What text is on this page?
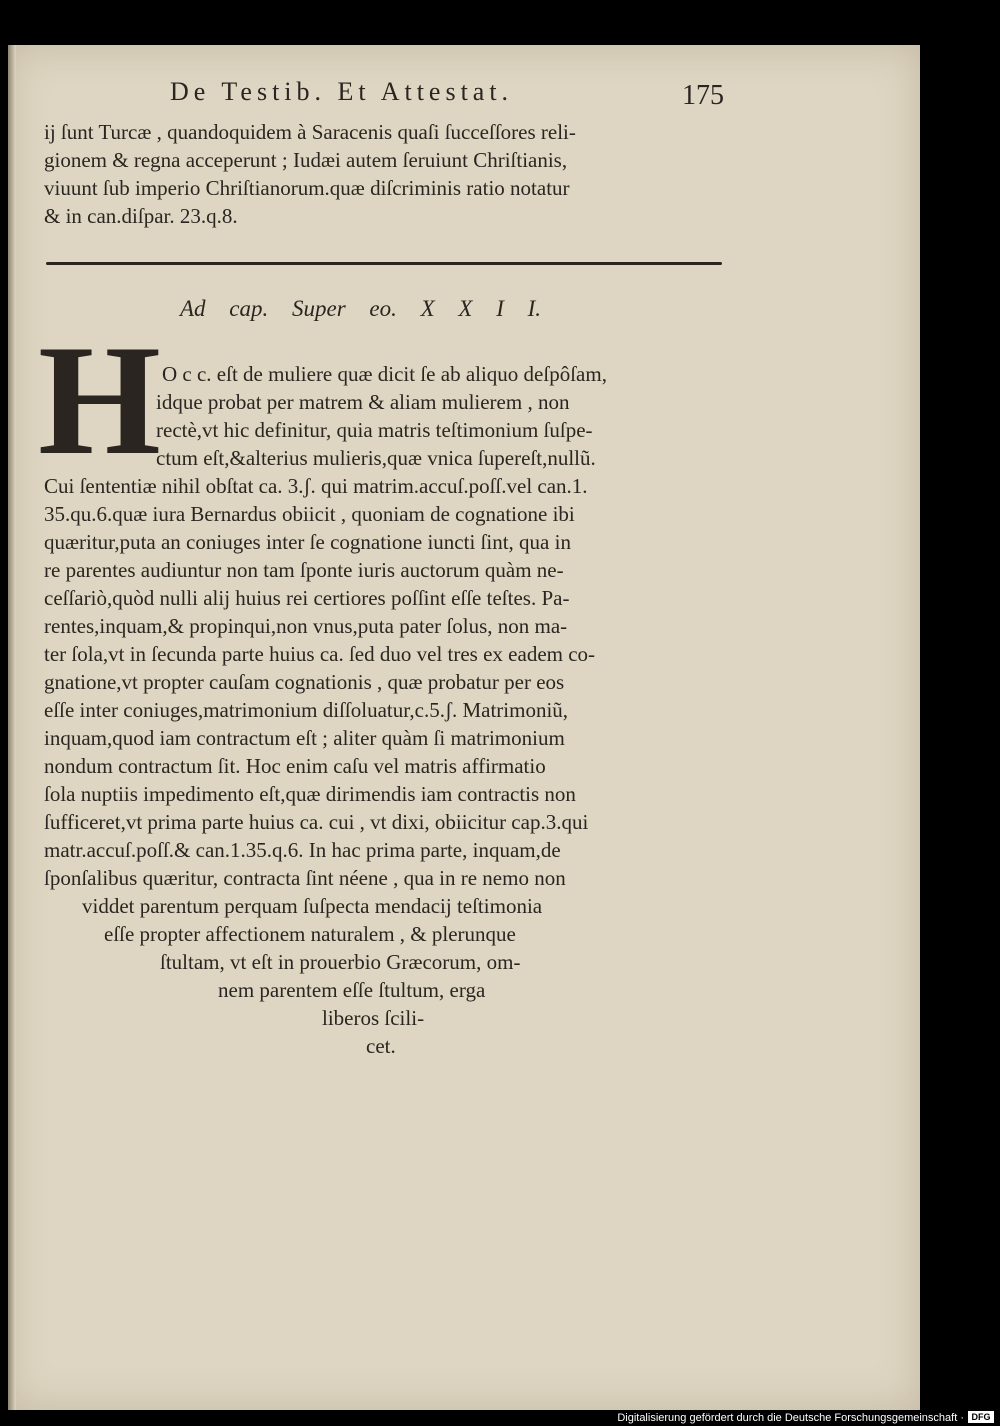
De Testib. Et Attestat.	175
ij ſunt Turcæ , quandoquidem à Saracenis quaſi ſucceſſores reli-
gionem & regna acceperunt ; Iudæi autem ſeruiunt Chriſtianis,
viuunt ſub imperio Chriſtianorum.quæ diſcriminis ratio notatur
& in can.diſpar. 23.q.8.
Ad cap. Super eo. X X I I.
H O c c. eſt de muliere quæ dicit ſe ab aliquo deſpôſam,
idque probat per matrem & aliam mulierem , non
rectè,vt hic definitur, quia matris teſtimonium ſuſpe-
ctum eſt,&alterius mulieris,quæ vnica ſupereſt,nullũ.
Cui ſententiæ nihil obſtat ca. 3.ʃ. qui matrim.accuſ.poſſ.vel can.1.
35.qu.6.quæ iura Bernardus obiicit , quoniam de cognatione ibi
quæritur,puta an coniuges inter ſe cognatione iuncti ſint, qua in
re parentes audiuntur non tam ſponte iuris auctorum quàm ne-
ceſſariò,quòd nulli alij huius rei certiores poſſint eſſe teſtes. Pa-
rentes,inquam,& propinqui,non vnus,puta pater ſolus, non ma-
ter ſola,vt in ſecunda parte huius ca. ſed duo vel tres ex eadem co-
gnatione,vt propter cauſam cognationis , quæ probatur per eos
eſſe inter coniuges,matrimonium diſſoluatur,c.5.ʃ. Matrimoniũ,
inquam,quod iam contractum eſt ; aliter quàm ſi matrimonium
nondum contractum ſit. Hoc enim caſu vel matris affirmatio
ſola nuptiis impedimento eſt,quæ dirimendis iam contractis non
ſufficeret,vt prima parte huius ca. cui , vt dixi, obiicitur cap.3.qui
matr.accuſ.poſſ.& can.1.35.q.6. In hac prima parte, inquam,de
ſponſalibus quæritur, contracta ſint néene , qua in re nemo non
viddet parentum perquam ſuſpecta mendacij teſtimonia
eſſe propter affectionem naturalem , & plerunque
ſtultam, vt eſt in prouerbio Græcorum, om-
nem parentem eſſe ſtultum, erga
liberos ſcili-
cet.
Digitalisierung gefördert durch die Deutsche Forschungsgemeinschaft · DFG
